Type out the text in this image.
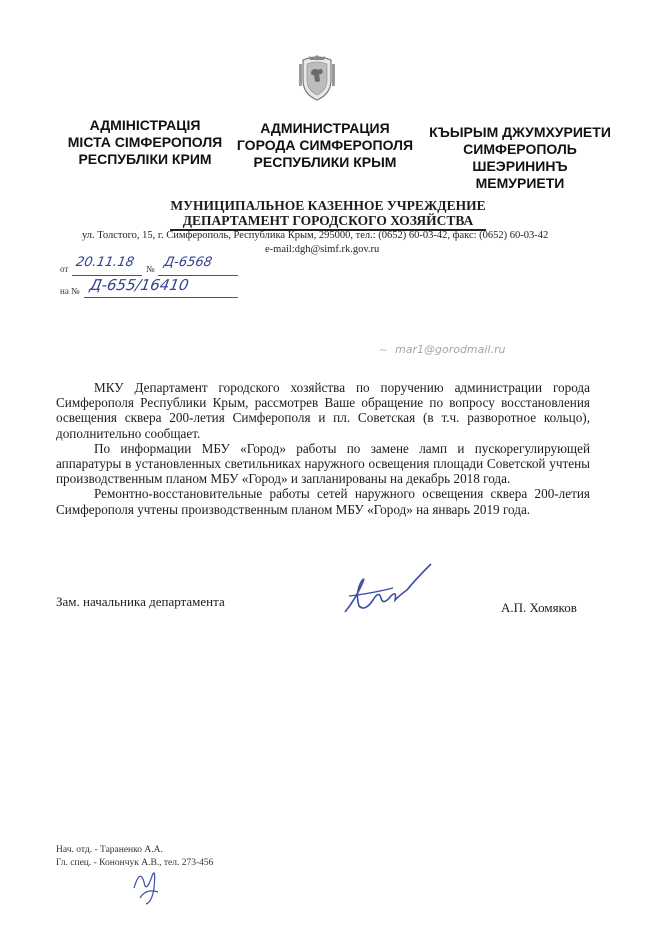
АДМІНІСТРАЦІЯ
МІСТА СІМФЕРОПОЛЯ
РЕСПУБЛІКИ КРИМ
АДМИНИСТРАЦИЯ
ГОРОДА СИМФЕРОПОЛЯ
РЕСПУБЛИКИ КРЫМ
КЪЫРЫМ ДЖУМХУРИЕТИ
СИМФЕРОПОЛЬ
ШЕЭРИНИНЪ
МЕМУРИЕТИ
МУНИЦИПАЛЬНОЕ КАЗЕННОЕ УЧРЕЖДЕНИЕ
ДЕПАРТАМЕНТ ГОРОДСКОГО ХОЗЯЙСТВА
ул. Толстого, 15, г. Симферополь, Республика Крым, 295000, тел.: (0652) 60-03-42, факс: (0652) 60-03-42
e-mail:dgh@simf.rk.gov.ru
от 20.11.18 № Д-6568
на № Д-655/16410
~ mar1@gorodmail.ru

МКУ Департамент городского хозяйства по поручению администрации города Симферополя Республики Крым, рассмотрев Ваше обращение по вопросу восстановления освещения сквера 200-летия Симферополя и пл. Советская (в т.ч. разворотное кольцо), дополнительно сообщает.

По информации МБУ «Город» работы по замене ламп и пускорегулирующей аппаратуры в установленных светильниках наружного освещения площади Советской учтены производственным планом МБУ «Город» и запланированы на декабрь 2018 года.

Ремонтно-восстановительные работы сетей наружного освещения сквера 200-летия Симферополя учтены производственным планом МБУ «Город» на январь 2019 года.

Зам. начальника департамента	А.П. Хомяков
Нач. отд. - Тараненко А.А.
Гл. спец. - Конончук А.В., тел. 273-456
